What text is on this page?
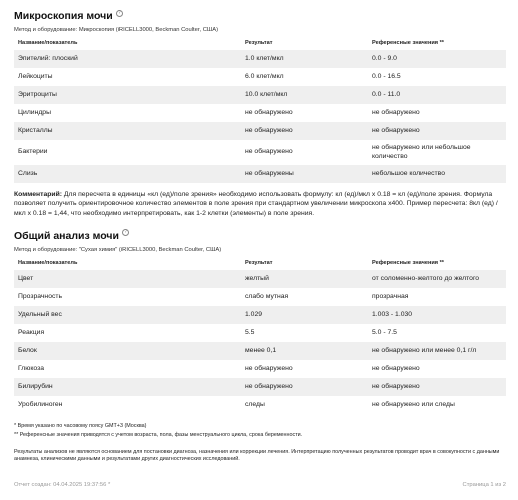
Микроскопия мочи	?
Метод и оборудование: Микроскопия (iRICELL3000, Beckman Coulter, США)
Название/показатель	Результат	Референсные значения **
Эпителий: плоский	1.0 клет/мкл	0.0 - 9.0
Лейкоциты	6.0 клет/мкл	0.0 - 16.5
Эритроциты	10.0 клет/мкл	0.0 - 11.0
Цилиндры	не обнаружено	не обнаружено
Кристаллы	не обнаружено	не обнаружено
Бактерии	не обнаружено	не обнаружено или небольшое количество
Слизь	не обнаружены	небольшое количество

Комментарий: Для пересчета в единицы «кл (ед)/поле зрения» необходимо использовать формулу: кл (ед)/мкл x 0.18 = кл (ед)/поле зрения. Формула позволяет получить ориентировочное количество элементов в поле зрения при стандартном увеличении микроскопа x400. Пример пересчета: 8кл (ед) /мкл x 0.18 = 1,44, что необходимо интерпретировать, как 1-2 клетки (элементы) в поле зрения.

Общий анализ мочи	?
Метод и оборудование: "Сухая химия" (iRICELL3000, Beckman Coulter, США)
Название/показатель	Результат	Референсные значения **
Цвет	желтый	от соломенно-желтого до желтого
Прозрачность	слабо мутная	прозрачная
Удельный вес	1.029	1.003 - 1.030
Реакция	5.5	5.0 - 7.5
Белок	менее 0,1	не обнаружено или менее 0,1 г/л
Глюкоза	не обнаружено	не обнаружено
Билирубин	не обнаружено	не обнаружено
Уробилиноген	следы	не обнаружено или следы
* Время указано по часовому поясу GMT+3 (Москва)
** Референсные значения приводятся с учетом возраста, пола, фазы менструального цикла, срока беременности.
Результаты анализов не являются основанием для постановки диагноза, назначения или коррекции лечения. Интерпретацию полученных результатов проводит врач в совокупности с данными анамнеза, клиническими данными и результатами других диагностических исследований.
Отчет создан: 04.04.2025 19:37:56 *	Страница 1 из 2
